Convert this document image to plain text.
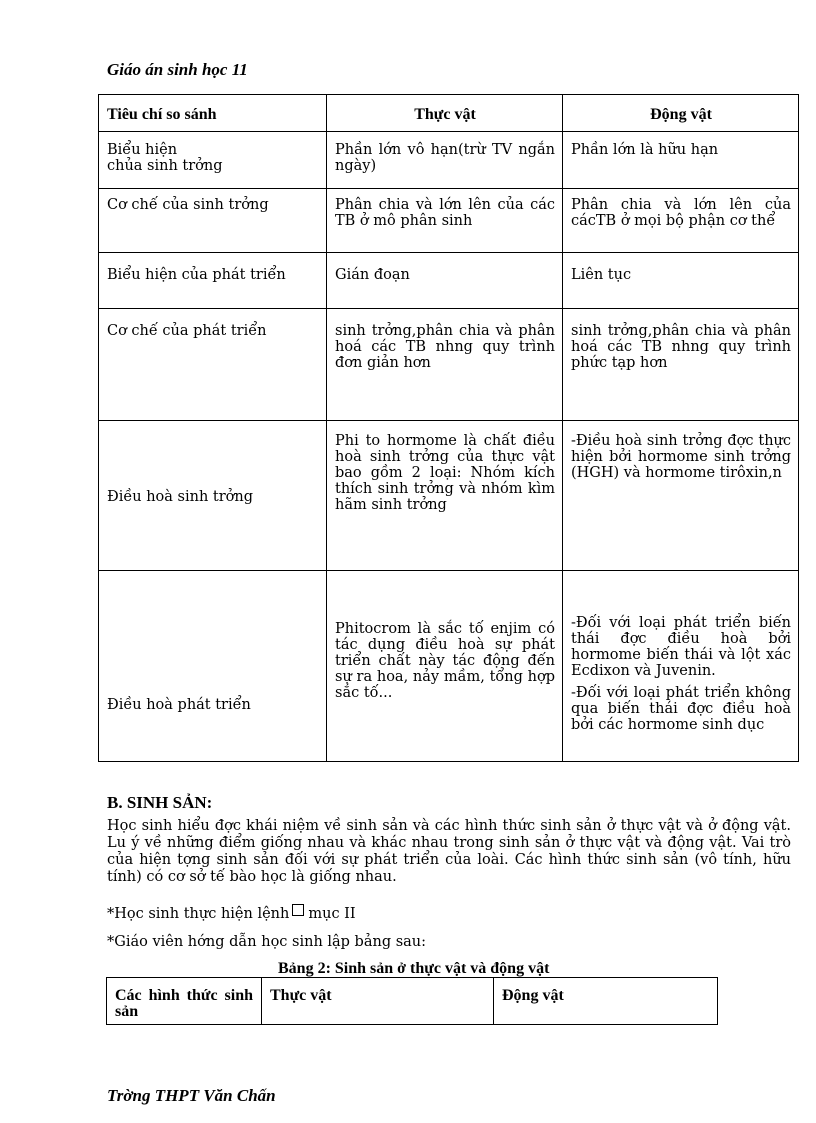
Giáo án sinh học 11
Tiêu chí so sánh	Thực vật	Động vật
Biểu hiện
chủa sinh trởng	Phần lớn vô hạn(trừ TV ngắn ngày)	Phần lớn là hữu hạn
Cơ chế của sinh trởng	Phân chia và lớn lên của các TB ở mô phân sinh	Phân chia và lớn lên của cácTB ở mọi bộ phận cơ thể
Biểu hiện của phát triển	Gián đoạn	Liên tục
Cơ chế của phát triển	sinh trởng,phân chia và phân hoá các TB nhng quy trình đơn giản hơn	sinh trởng,phân chia và phân hoá các TB nhng quy trình phức tạp hơn
Điều hoà sinh trởng	Phi to hormome là chất điều hoà sinh trởng của thực vật bao gồm 2 loại: Nhóm kích thích sinh trởng và nhóm kìm hãm sinh trởng	-Điều hoà sinh trởng đợc thực hiện bởi hormome sinh trởng (HGH) và hormome tirôxin,n
Điều hoà phát triển	Phitocrom là sắc tố enjim có tác dụng điều hoà sự phát triển chất này tác động đến sự ra hoa, nảy mầm, tổng hợp sắc tố...	-Đối với loại phát triển biến thái đợc điều hoà bởi hormome biến thái và lột xác Ecdixon và Juvenin.

-Đối với loại phát triển không qua biến thái đợc điều hoà bởi các hormome sinh dục

B. SINH SẢN:
Học sinh hiểu đợc khái niệm về sinh sản và các hình thức sinh sản ở thực vật và ở động vật. Lu ý về những điểm giống nhau và khác nhau trong sinh sản ở thực vật và động vật. Vai trò của hiện tợng sinh sản đối với sự phát triển của loài. Các hình thức sinh sản (vô tính, hữu tính) có cơ sở tế bào học là giống nhau.
*Học sinh thực hiện lệnh mục II
*Giáo viên hớng dẫn học sinh lập bảng sau:
Bảng 2: Sinh sản ở thực vật và động vật
Các hình thức sinh sản	Thực vật	Động vật
Trờng THPT Văn Chấn
